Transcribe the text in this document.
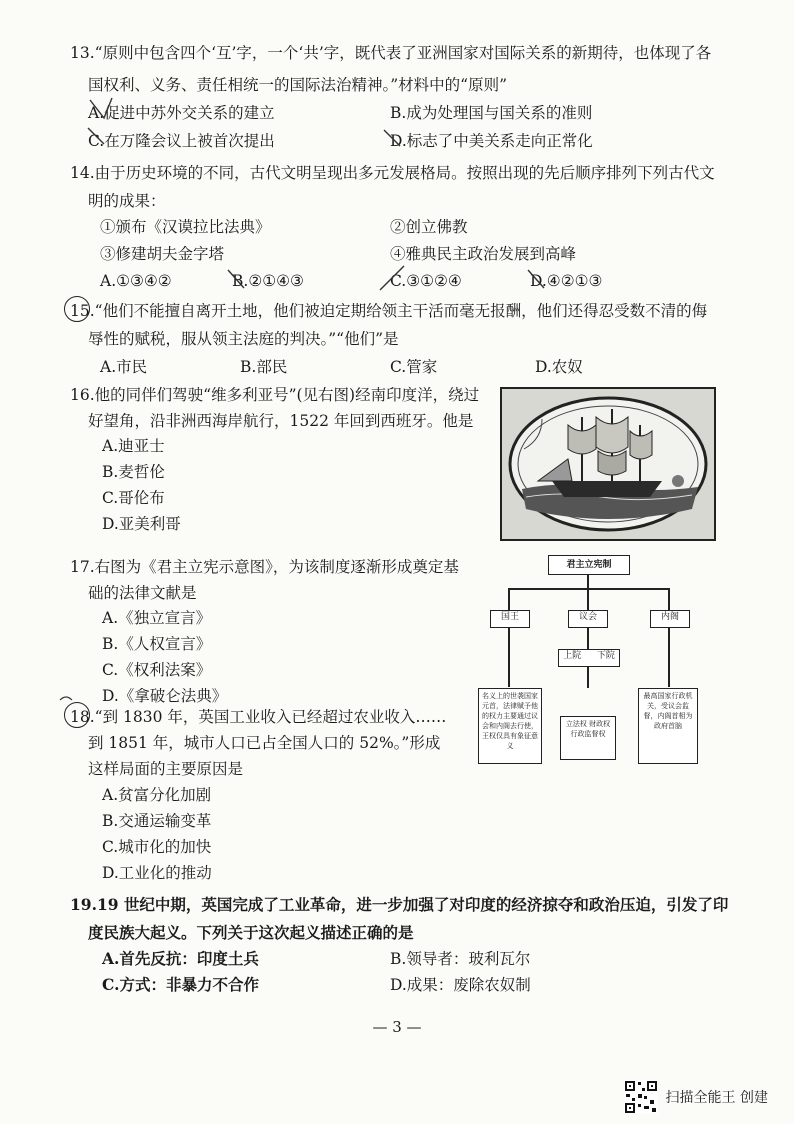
13.“原则中包含四个‘互’字，一个‘共’字，既代表了亚洲国家对国际关系的新期待，也体现了各
国权利、义务、责任相统一的国际法治精神。”材料中的“原则”
A.促进中苏外交关系的建立	B.成为处理国与国关系的准则
C.在万隆会议上被首次提出	D.标志了中美关系走向正常化
14.由于历史环境的不同，古代文明呈现出多元发展格局。按照出现的先后顺序排列下列古代文
明的成果：
①颁布《汉谟拉比法典》	②创立佛教
③修建胡夫金字塔	④雅典民主政治发展到高峰
A.①③④②	B.②①④③	C.③①②④	D.④②①③
15.“他们不能擅自离开土地，他们被迫定期给领主干活而毫无报酬，他们还得忍受数不清的侮
辱性的赋税，服从领主法庭的判决。”“他们”是
A.市民	B.部民	C.管家	D.农奴
16.他的同伴们驾驶“维多利亚号”(见右图)经南印度洋，绕过
好望角，沿非洲西海岸航行，1522 年回到西班牙。他是
A.迪亚士
B.麦哲伦
C.哥伦布
D.亚美利哥
17.右图为《君主立宪示意图》，为该制度逐渐形成奠定基
础的法律文献是
A.《独立宣言》
B.《人权宣言》
C.《权利法案》
D.《拿破仑法典》
君主立宪制
国王	议会	内阁
上院 下院
名义上的世袭国家元首，法律赋予他的权力主要通过议会和内阁去行使，王权仅具有象征意义
立法权 财政权 行政监督权
最高国家行政机关，受议会监督，内阁首相为政府首脑
18.“到 1830 年，英国工业收入已经超过农业收入……
到 1851 年，城市人口已占全国人口的 52%。”形成
这样局面的主要原因是
A.贫富分化加剧
B.交通运输变革
C.城市化的加快
D.工业化的推动
19.19 世纪中期，英国完成了工业革命，进一步加强了对印度的经济掠夺和政治压迫，引发了印
度民族大起义。下列关于这次起义描述正确的是
A.首先反抗：印度土兵	B.领导者：玻利瓦尔
C.方式：非暴力不合作	D.成果：废除农奴制
— 3 —
扫描全能王 创建
